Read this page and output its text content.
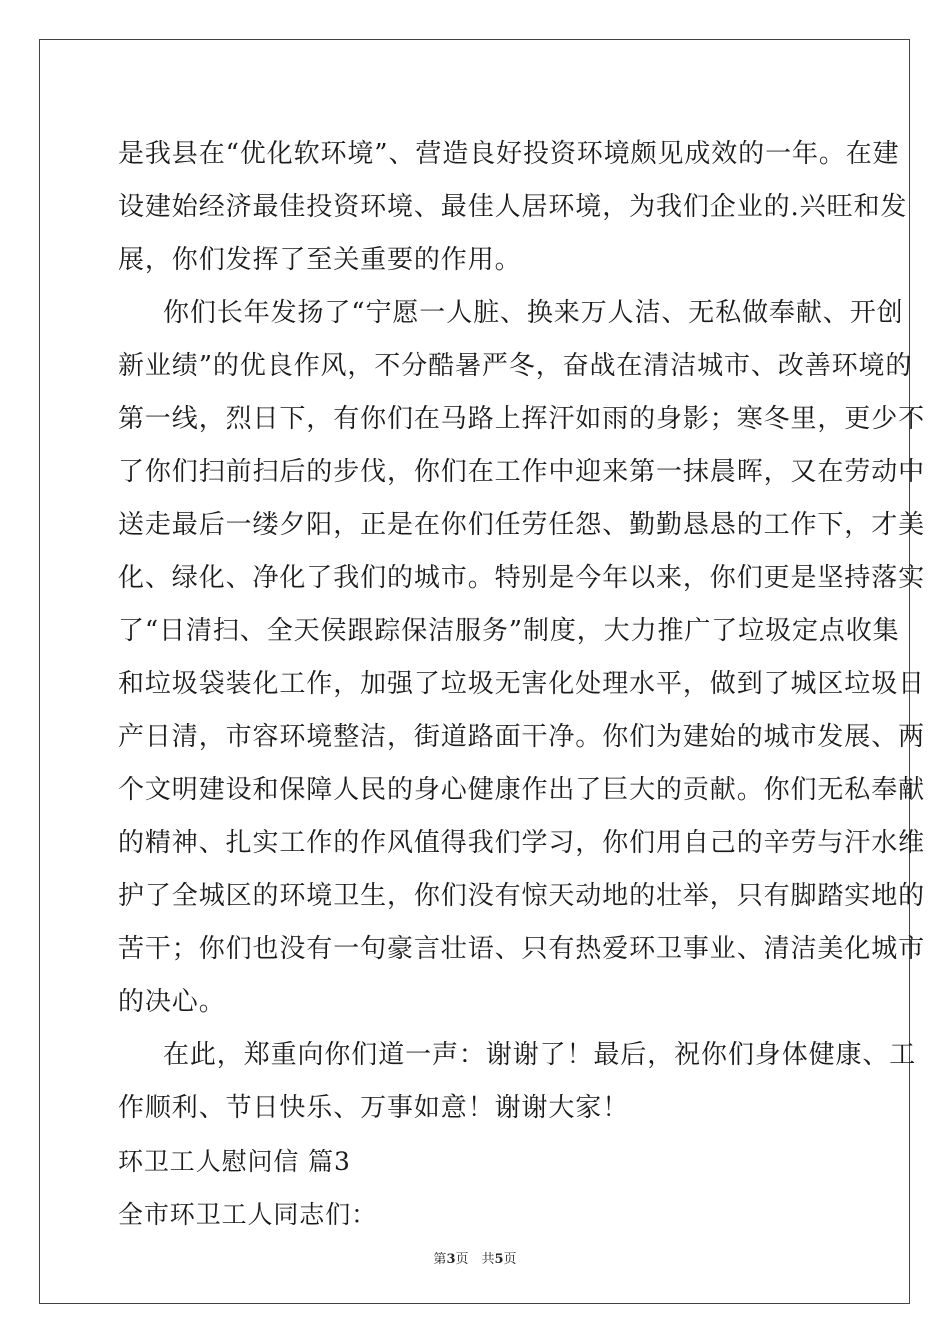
是我县在“优化软环境”、营造良好投资环境颇见成效的一年。在建
设建始经济最佳投资环境、最佳人居环境，为我们企业的.兴旺和发
展，你们发挥了至关重要的作用。
你们长年发扬了“宁愿一人脏、换来万人洁、无私做奉献、开创
新业绩”的优良作风，不分酷暑严冬，奋战在清洁城市、改善环境的
第一线，烈日下，有你们在马路上挥汗如雨的身影；寒冬里，更少不
了你们扫前扫后的步伐，你们在工作中迎来第一抹晨晖，又在劳动中
送走最后一缕夕阳，正是在你们任劳任怨、勤勤恳恳的工作下，才美
化、绿化、净化了我们的城市。特别是今年以来，你们更是坚持落实
了“日清扫、全天侯跟踪保洁服务”制度，大力推广了垃圾定点收集
和垃圾袋装化工作，加强了垃圾无害化处理水平，做到了城区垃圾日
产日清，市容环境整洁，街道路面干净。你们为建始的城市发展、两
个文明建设和保障人民的身心健康作出了巨大的贡献。你们无私奉献
的精神、扎实工作的作风值得我们学习，你们用自己的辛劳与汗水维
护了全城区的环境卫生，你们没有惊天动地的壮举，只有脚踏实地的
苦干；你们也没有一句豪言壮语、只有热爱环卫事业、清洁美化城市
的决心。
在此，郑重向你们道一声：谢谢了！最后，祝你们身体健康、工
作顺利、节日快乐、万事如意！谢谢大家！
环卫工人慰问信 篇3
全市环卫工人同志们：
第3页　共5页
